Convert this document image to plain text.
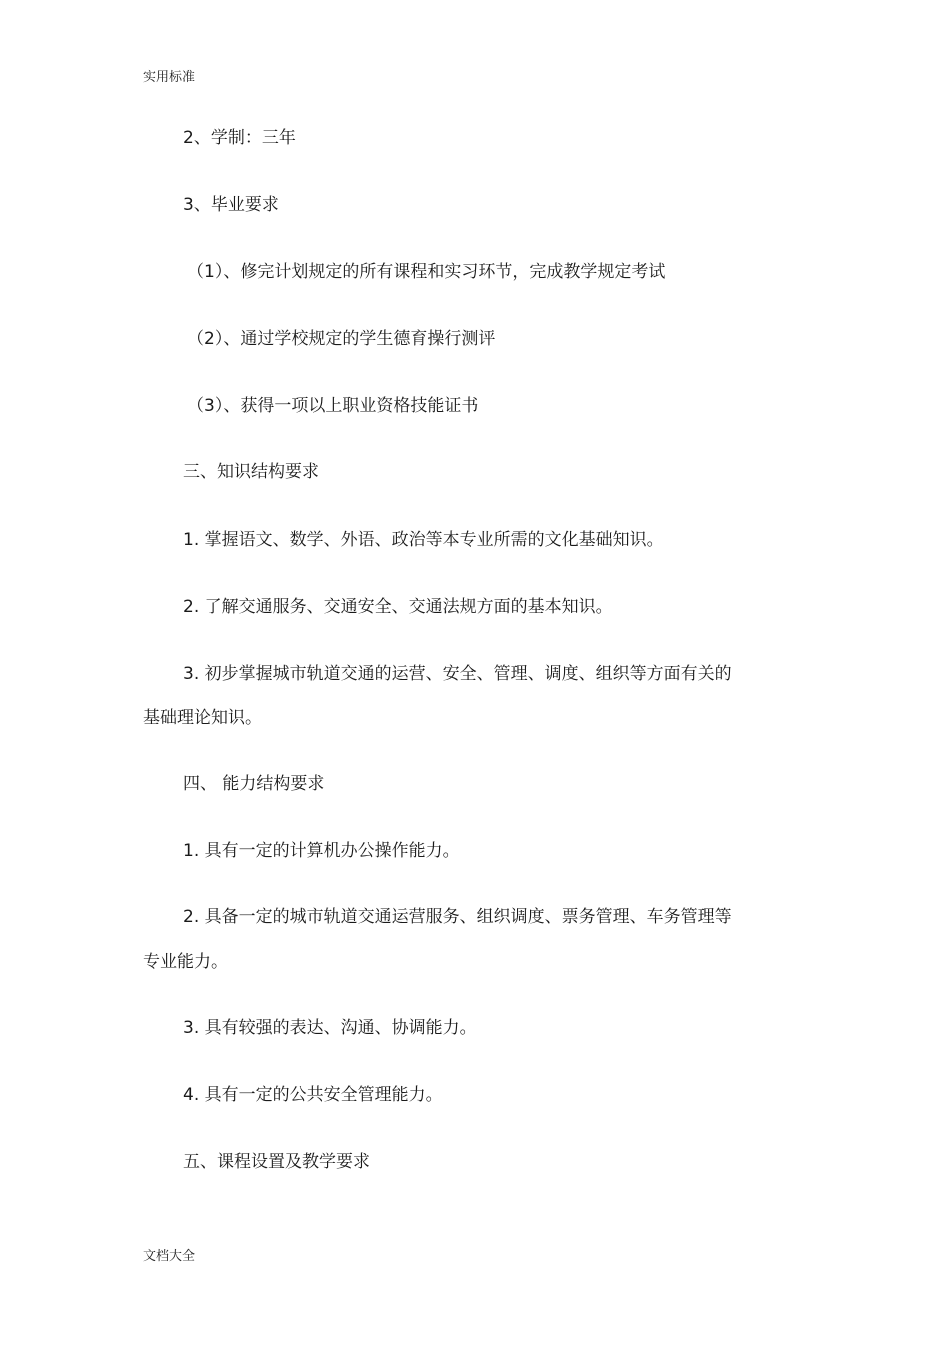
实用标准
2、学制：三年
3、毕业要求
（1）、修完计划规定的所有课程和实习环节，完成教学规定考试
（2）、通过学校规定的学生德育操行测评
（3）、获得一项以上职业资格技能证书
三、知识结构要求
1. 掌握语文、数学、外语、政治等本专业所需的文化基础知识。
2. 了解交通服务、交通安全、交通法规方面的基本知识。
3. 初步掌握城市轨道交通的运营、安全、管理、调度、组织等方面有关的
基础理论知识。
四、 能力结构要求
1. 具有一定的计算机办公操作能力。
2. 具备一定的城市轨道交通运营服务、组织调度、票务管理、车务管理等
专业能力。
3. 具有较强的表达、沟通、协调能力。
4. 具有一定的公共安全管理能力。
五、课程设置及教学要求
文档大全
